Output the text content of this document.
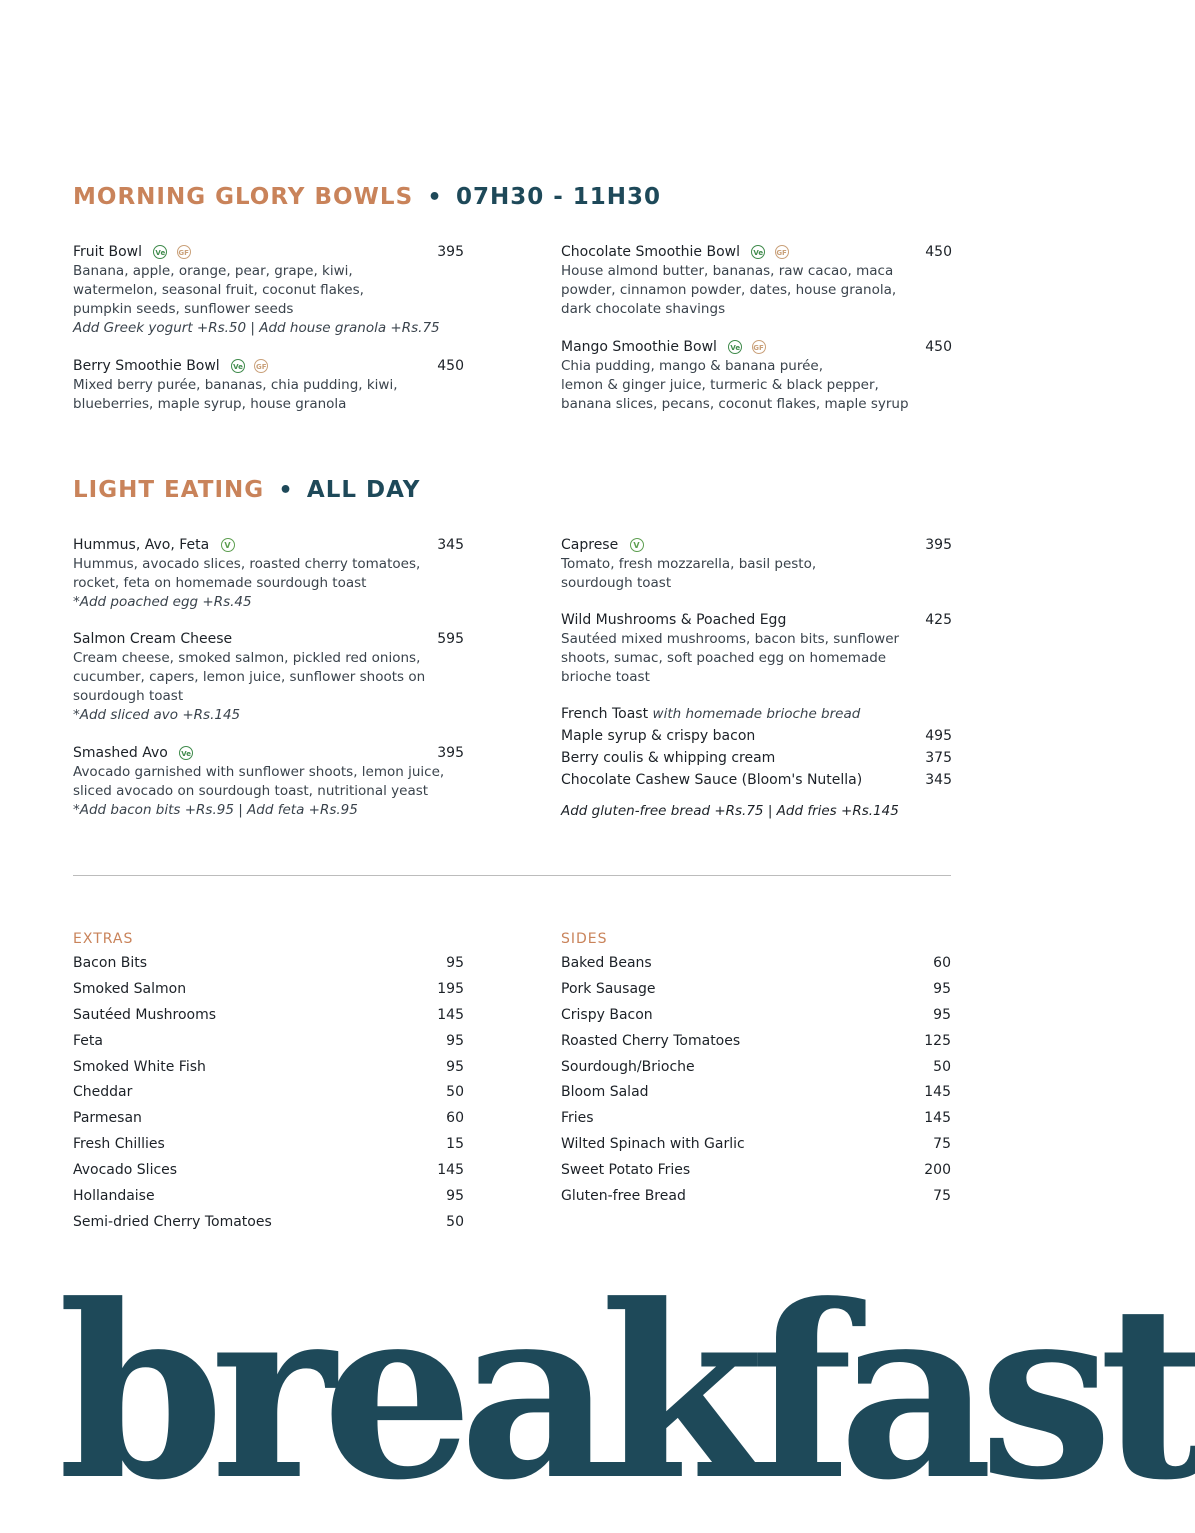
MORNING GLORY BOWLS • 07H30 - 11H30
Fruit Bowl Ve GF	395
Banana, apple, orange, pear, grape, kiwi,
watermelon, seasonal fruit, coconut flakes,
pumpkin seeds, sunflower seeds
Add Greek yogurt +Rs.50 | Add house granola +Rs.75
Berry Smoothie Bowl Ve GF	450
Mixed berry purée, bananas, chia pudding, kiwi,
blueberries, maple syrup, house granola
Chocolate Smoothie Bowl Ve GF	450
House almond butter, bananas, raw cacao, maca
powder, cinnamon powder, dates, house granola,
dark chocolate shavings
Mango Smoothie Bowl Ve GF	450
Chia pudding, mango & banana purée,
lemon & ginger juice, turmeric & black pepper,
banana slices, pecans, coconut flakes, maple syrup
LIGHT EATING • ALL DAY
Hummus, Avo, Feta V	345
Hummus, avocado slices, roasted cherry tomatoes,
rocket, feta on homemade sourdough toast
*Add poached egg +Rs.45
Salmon Cream Cheese	595
Cream cheese, smoked salmon, pickled red onions,
cucumber, capers, lemon juice, sunflower shoots on
sourdough toast
*Add sliced avo +Rs.145
Smashed Avo Ve	395
Avocado garnished with sunflower shoots, lemon juice,
sliced avocado on sourdough toast, nutritional yeast
*Add bacon bits +Rs.95 | Add feta +Rs.95
Caprese V	395
Tomato, fresh mozzarella, basil pesto,
sourdough toast
Wild Mushrooms & Poached Egg	425
Sautéed mixed mushrooms, bacon bits, sunflower
shoots, sumac, soft poached egg on homemade
brioche toast
French Toast with homemade brioche bread
Maple syrup & crispy bacon	495
Berry coulis & whipping cream	375
Chocolate Cashew Sauce (Bloom's Nutella)	345
Add gluten-free bread +Rs.75 | Add fries +Rs.145
EXTRAS
Bacon Bits	95
Smoked Salmon	195
Sautéed Mushrooms	145
Feta	95
Smoked White Fish	95
Cheddar	50
Parmesan	60
Fresh Chillies	15
Avocado Slices	145
Hollandaise	95
Semi-dried Cherry Tomatoes	50
SIDES
Baked Beans	60
Pork Sausage	95
Crispy Bacon	95
Roasted Cherry Tomatoes	125
Sourdough/Brioche	50
Bloom Salad	145
Fries	145
Wilted Spinach with Garlic	75
Sweet Potato Fries	200
Gluten-free Bread	75
breakfast
